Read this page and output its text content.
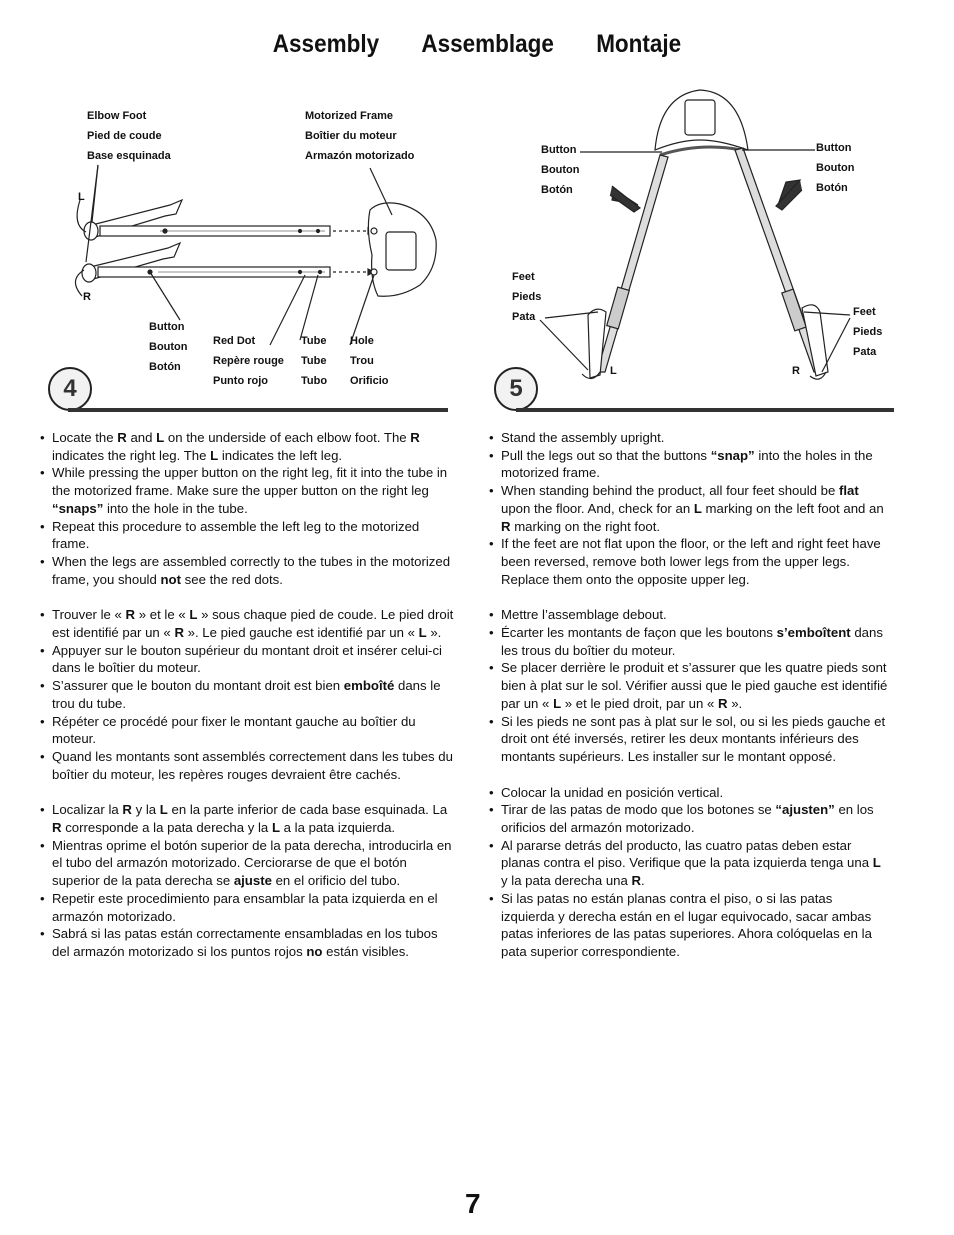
Assembly Assemblage Montaje
Elbow Foot
Pied de coude
Base esquinada
Motorized Frame
Boîtier du moteur
Armazón motorizado
L
R
Button
Bouton
Botón
Red Dot
Repère rouge
Punto rojo
Tube
Tube
Tubo
Hole
Trou
Orificio
4
Button
Bouton
Botón
Button
Bouton
Botón
Feet
Pieds
Pata	Feet
Pieds
Pata
L	R
5
• Locate the R and L on the underside of each elbow foot. The R indicates the right leg. The L indicates the left leg.
• While pressing the upper button on the right leg, fit it into the tube in the motorized frame. Make sure the upper button on the right leg “snaps” into the hole in the tube.
• Repeat this procedure to assemble the left leg to the motorized frame.
• When the legs are assembled correctly to the tubes in the motorized frame, you should not see the red dots.
• Trouver le « R » et le « L » sous chaque pied de coude. Le pied droit est identifié par un « R ». Le pied gauche est identifié par un « L ».
• Appuyer sur le bouton supérieur du montant droit et insérer celui-ci dans le boîtier du moteur.
• S’assurer que le bouton du montant droit est bien emboîté dans le trou du tube.
• Répéter ce procédé pour fixer le montant gauche au boîtier du moteur.
• Quand les montants sont assemblés correctement dans les tubes du boîtier du moteur, les repères rouges devraient être cachés.
• Localizar la R y la L en la parte inferior de cada base esquinada. La R corresponde a la pata derecha y la L a la pata izquierda.
• Mientras oprime el botón superior de la pata derecha, introducirla en el tubo del armazón motorizado. Cerciorarse de que el botón superior de la pata derecha se ajuste en el orificio del tubo.
• Repetir este procedimiento para ensamblar la pata izquierda en el armazón motorizado.
• Sabrá si las patas están correctamente ensambladas en los tubos del armazón motorizado si los puntos rojos no están visibles.
• Stand the assembly upright.
• Pull the legs out so that the buttons “snap” into the holes in the motorized frame.
• When standing behind the product, all four feet should be flat upon the floor. And, check for an L marking on the left foot and an R marking on the right foot.
• If the feet are not flat upon the floor, or the left and right feet have been reversed, remove both lower legs from the upper legs. Replace them onto the opposite upper leg.
• Mettre l’assemblage debout.
• Écarter les montants de façon que les boutons s’emboîtent dans les trous du boîtier du moteur.
• Se placer derrière le produit et s’assurer que les quatre pieds sont bien à plat sur le sol. Vérifier aussi que le pied gauche est identifié par un « L » et le pied droit, par un « R ».
• Si les pieds ne sont pas à plat sur le sol, ou si les pieds gauche et droit ont été inversés, retirer les deux montants inférieurs des montants supérieurs. Les installer sur le montant opposé.
• Colocar la unidad en posición vertical.
• Tirar de las patas de modo que los botones se “ajusten” en los orificios del armazón motorizado.
• Al pararse detrás del producto, las cuatro patas deben estar planas contra el piso. Verifique que la pata izquierda tenga una L y la pata derecha una R.
• Si las patas no están planas contra el piso, o si las patas izquierda y derecha están en el lugar equivocado, sacar ambas patas inferiores de las patas superiores. Ahora colóquelas en la pata superior correspondiente.
7
